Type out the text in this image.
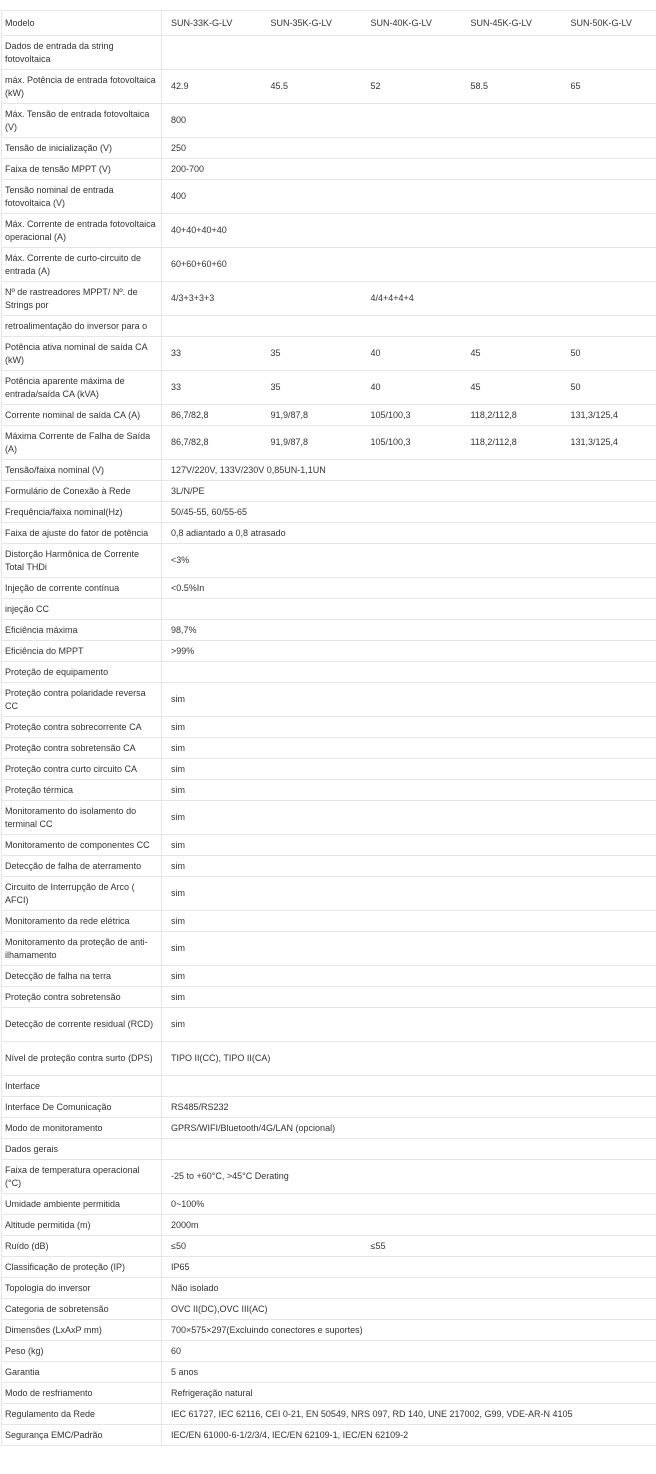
Modelo	SUN-33K-G-LV	SUN-35K-G-LV	SUN-40K-G-LV	SUN-45K-G-LV	SUN-50K-G-LV
Dados de entrada da string fotovoltaica					
máx. Potência de entrada fotovoltaica (kW)	42.9	45.5	52	58.5	65
Máx. Tensão de entrada fotovoltaica (V)	800				
Tensão de inicialização (V)	250				
Faixa de tensão MPPT (V)	200-700				
Tensão nominal de entrada fotovoltaica (V)	400				
Máx. Corrente de entrada fotovoltaica operacional (A)	40+40+40+40				
Máx. Corrente de curto-circuito de entrada (A)	60+60+60+60				
Nº de rastreadores MPPT/ Nº. de Strings por	4/3+3+3+3		4/4+4+4+4		
retroalimentação do inversor para o					
Potência ativa nominal de saída CA (kW)	33	35	40	45	50
Potência aparente máxima de entrada/saída CA (kVA)	33	35	40	45	50
Corrente nominal de saída CA (A)	86,7/82,8	91,9/87,8	105/100,3	118,2/112,8	131,3/125,4
Máxima Corrente de Falha de Saída (A)	86,7/82,8	91,9/87,8	105/100,3	118,2/112,8	131,3/125,4
Tensão/faixa nominal (V)	127V/220V, 133V/230V 0,85UN-1,1UN				
Formulário de Conexão à Rede	3L/N/PE				
Frequência/faixa nominal(Hz)	50/45-55, 60/55-65				
Faixa de ajuste do fator de potência	0,8 adiantado a 0,8 atrasado				
Distorção Harmônica de Corrente Total THDi	<3%				
Injeção de corrente contínua	<0.5%In				
injeção CC					
Eficiência máxima	98,7%				
Eficiência do MPPT	>99%				
Proteção de equipamento					
Proteção contra polaridade reversa CC	sim				
Proteção contra sobrecorrente CA	sim				
Proteção contra sobretensão CA	sim				
Proteção contra curto circuito CA	sim				
Proteção térmica	sim				
Monitoramento do isolamento do terminal CC	sim				
Monitoramento de componentes CC	sim				
Detecção de falha de aterramento	sim				
Circuito de Interrupção de Arco ( AFCI)	sim				
Monitoramento da rede elétrica	sim				
Monitoramento da proteção de anti-ilhamamento	sim				
Detecção de falha na terra	sim				
Proteção contra sobretensão	sim				
Detecção de corrente residual (RCD)	sim				
Nível de proteção contra surto (DPS)	TIPO II(CC), TIPO II(CA)				
Interface					
Interface De Comunicação	RS485/RS232				
Modo de monitoramento	GPRS/WIFI/Bluetooth/4G/LAN (opcional)				
Dados gerais					
Faixa de temperatura operacional (°C)	-25 to +60°C, >45°C Derating				
Umidade ambiente permitida	0~100%				
Altitude permitida (m)	2000m				
Ruído (dB)	≤50		≤55		
Classificação de proteção (IP)	IP65				
Topologia do inversor	Não isolado				
Categoria de sobretensão	OVC II(DC),OVC III(AC)				
Dimensões (LxAxP mm)	700×575×297(Excluindo conectores e suportes)				
Peso (kg)	60				
Garantia	5 anos				
Modo de resfriamento	Refrigeração natural				
Regulamento da Rede	IEC 61727, IEC 62116, CEI 0-21, EN 50549, NRS 097, RD 140, UNE 217002, G99, VDE-AR-N 4105				
Segurança EMC/Padrão	IEC/EN 61000-6-1/2/3/4, IEC/EN 62109-1, IEC/EN 62109-2				
